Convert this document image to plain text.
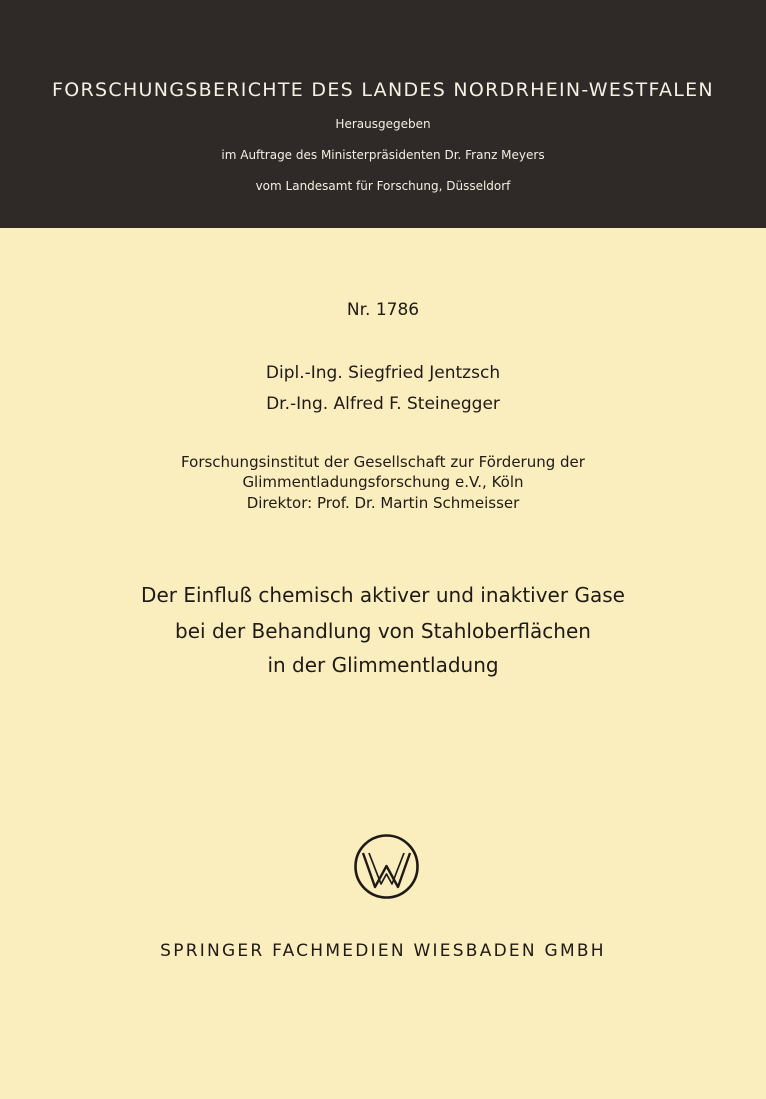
FORSCHUNGSBERICHTE DES LANDES NORDRHEIN-WESTFALEN
Herausgegeben
im Auftrage des Ministerpräsidenten Dr. Franz Meyers
vom Landesamt für Forschung, Düsseldorf
Nr. 1786
Dipl.-Ing. Siegfried Jentzsch
Dr.-Ing. Alfred F. Steinegger
Forschungsinstitut der Gesellschaft zur Förderung der
Glimmentladungsforschung e.V., Köln
Direktor: Prof. Dr. Martin Schmeisser
Der Einfluß chemisch aktiver und inaktiver Gase
bei der Behandlung von Stahloberflächen
in der Glimmentladung
SPRINGER FACHMEDIEN WIESBADEN GMBH
